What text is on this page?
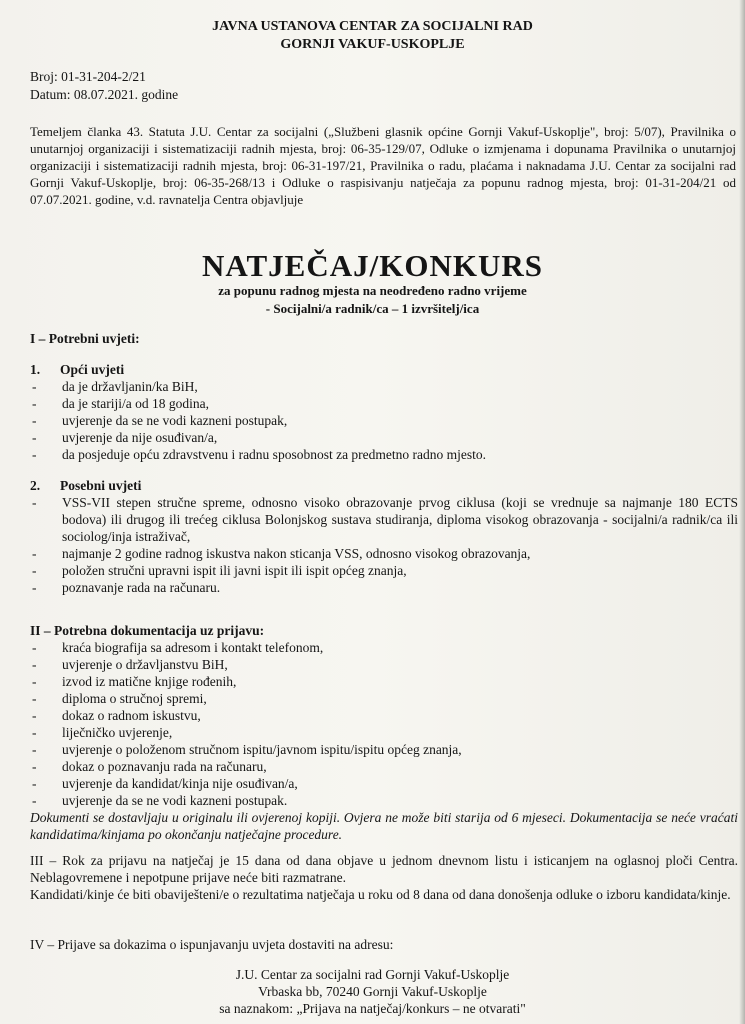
JAVNA USTANOVA CENTAR ZA SOCIJALNI RAD
GORNJI VAKUF-USKOPLJE
Broj: 01-31-204-2/21
Datum: 08.07.2021. godine

Temeljem članka 43. Statuta J.U. Centar za socijalni („Službeni glasnik općine Gornji Vakuf-Uskoplje", broj: 5/07), Pravilnika o unutarnjoj organizaciji i sistematizaciji radnih mjesta, broj: 06-35-129/07, Odluke o izmjenama i dopunama Pravilnika o unutarnjoj organizaciji i sistematizaciji radnih mjesta, broj: 06-31-197/21, Pravilnika o radu, plaćama i naknadama J.U. Centar za socijalni rad Gornji Vakuf-Uskoplje, broj: 06-35-268/13 i Odluke o raspisivanju natječaja za popunu radnog mjesta, broj: 01-31-204/21 od 07.07.2021. godine, v.d. ravnatelja Centra objavljuje

NATJEČAJ/KONKURS
za popunu radnog mjesta na neodređeno radno vrijeme
- Socijalni/a radnik/ca – 1 izvršitelj/ica
I – Potrebni uvjeti:
1. Opći uvjeti
- da je državljanin/ka BiH,
- da je stariji/a od 18 godina,
- uvjerenje da se ne vodi kazneni postupak,
- uvjerenje da nije osuđivan/a,
- da posjeduje opću zdravstvenu i radnu sposobnost za predmetno radno mjesto.
2. Posebni uvjeti
- VSS-VII stepen stručne spreme, odnosno visoko obrazovanje prvog ciklusa (koji se vrednuje sa najmanje 180 ECTS bodova) ili drugog ili trećeg ciklusa Bolonjskog sustava studiranja, diploma visokog obrazovanja - socijalni/a radnik/ca ili sociolog/inja istraživač,
- najmanje 2 godine radnog iskustva nakon sticanja VSS, odnosno visokog obrazovanja,
- položen stručni upravni ispit ili javni ispit ili ispit općeg znanja,
- poznavanje rada na računaru.
II – Potrebna dokumentacija uz prijavu:
- kraća biografija sa adresom i kontakt telefonom,
- uvjerenje o državljanstvu BiH,
- izvod iz matične knjige rođenih,
- diploma o stručnoj spremi,
- dokaz o radnom iskustvu,
- liječničko uvjerenje,
- uvjerenje o položenom stručnom ispitu/javnom ispitu/ispitu općeg znanja,
- dokaz o poznavanju rada na računaru,
- uvjerenje da kandidat/kinja nije osuđivan/a,
- uvjerenje da se ne vodi kazneni postupak.
Dokumenti se dostavljaju u originalu ili ovjerenoj kopiji. Ovjera ne može biti starija od 6 mjeseci. Dokumentacija se neće vraćati kandidatima/kinjama po okončanju natječajne procedure.
III – Rok za prijavu na natječaj je 15 dana od dana objave u jednom dnevnom listu i isticanjem na oglasnoj ploči Centra. Neblagovremene i nepotpune prijave neće biti razmatrane.
Kandidati/kinje će biti obaviješteni/e o rezultatima natječaja u roku od 8 dana od dana donošenja odluke o izboru kandidata/kinje.
IV – Prijave sa dokazima o ispunjavanju uvjeta dostaviti na adresu:
J.U. Centar za socijalni rad Gornji Vakuf-Uskoplje
Vrbaska bb, 70240 Gornji Vakuf-Uskoplje
sa naznakom: „Prijava na natječaj/konkurs – ne otvarati"
